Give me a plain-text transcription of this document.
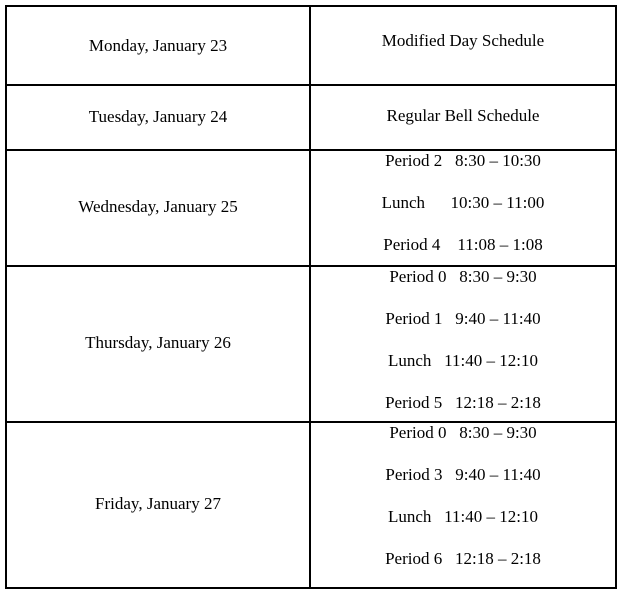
Monday, January 23	Modified Day Schedule
Tuesday, January 24	Regular Bell Schedule
Wednesday, January 25
Period 2 8:30 – 10:30
Lunch 10:30 – 11:00
Period 4 11:08 – 1:08
Thursday, January 26
Period 0 8:30 – 9:30
Period 1 9:40 – 11:40
Lunch 11:40 – 12:10
Period 5 12:18 – 2:18
Friday, January 27
Period 0 8:30 – 9:30
Period 3 9:40 – 11:40
Lunch 11:40 – 12:10
Period 6 12:18 – 2:18
